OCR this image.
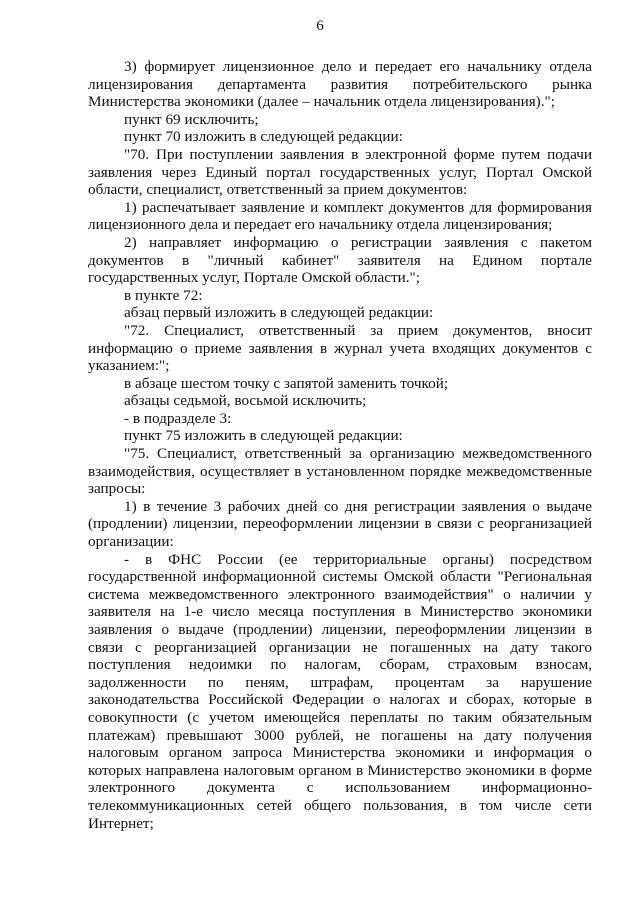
6

3) формирует лицензионное дело и передает его начальнику отдела лицензирования департамента развития потребительского рынка Министерства экономики (далее – начальник отдела лицензирования).";

пункт 69 исключить;

пункт 70 изложить в следующей редакции:

"70. При поступлении заявления в электронной форме путем подачи заявления через Единый портал государственных услуг, Портал Омской области, специалист, ответственный за прием документов:

1) распечатывает заявление и комплект документов для формирования лицензионного дела и передает его начальнику отдела лицензирования;

2) направляет информацию о регистрации заявления с пакетом документов в "личный кабинет" заявителя на Едином портале государственных услуг, Портале Омской области.";

в пункте 72:

абзац первый изложить в следующей редакции:

"72. Специалист, ответственный за прием документов, вносит информацию о приеме заявления в журнал учета входящих документов с указанием:";

в абзаце шестом точку с запятой заменить точкой;

абзацы седьмой, восьмой исключить;

- в подразделе 3:

пункт 75 изложить в следующей редакции:

"75. Специалист, ответственный за организацию межведомственного взаимодействия, осуществляет в установленном порядке межведомственные запросы:

1) в течение 3 рабочих дней со дня регистрации заявления о выдаче (продлении) лицензии, переоформлении лицензии в связи с реорганизацией организации:

- в ФНС России (ее территориальные органы) посредством государственной информационной системы Омской области "Региональная система межведомственного электронного взаимодействия" о наличии у заявителя на 1-е число месяца поступления в Министерство экономики заявления о выдаче (продлении) лицензии, переоформлении лицензии в связи с реорганизацией организации не погашенных на дату такого поступления недоимки по налогам, сборам, страховым взносам, задолженности по пеням, штрафам, процентам за нарушение законодательства Российской Федерации о налогах и сборах, которые в совокупности (с учетом имеющейся переплаты по таким обязательным платежам) превышают 3000 рублей, не погашены на дату получения налоговым органом запроса Министерства экономики и информация о которых направлена налоговым органом в Министерство экономики в форме электронного документа с использованием информационно-телекоммуникационных сетей общего пользования, в том числе сети Интернет;
